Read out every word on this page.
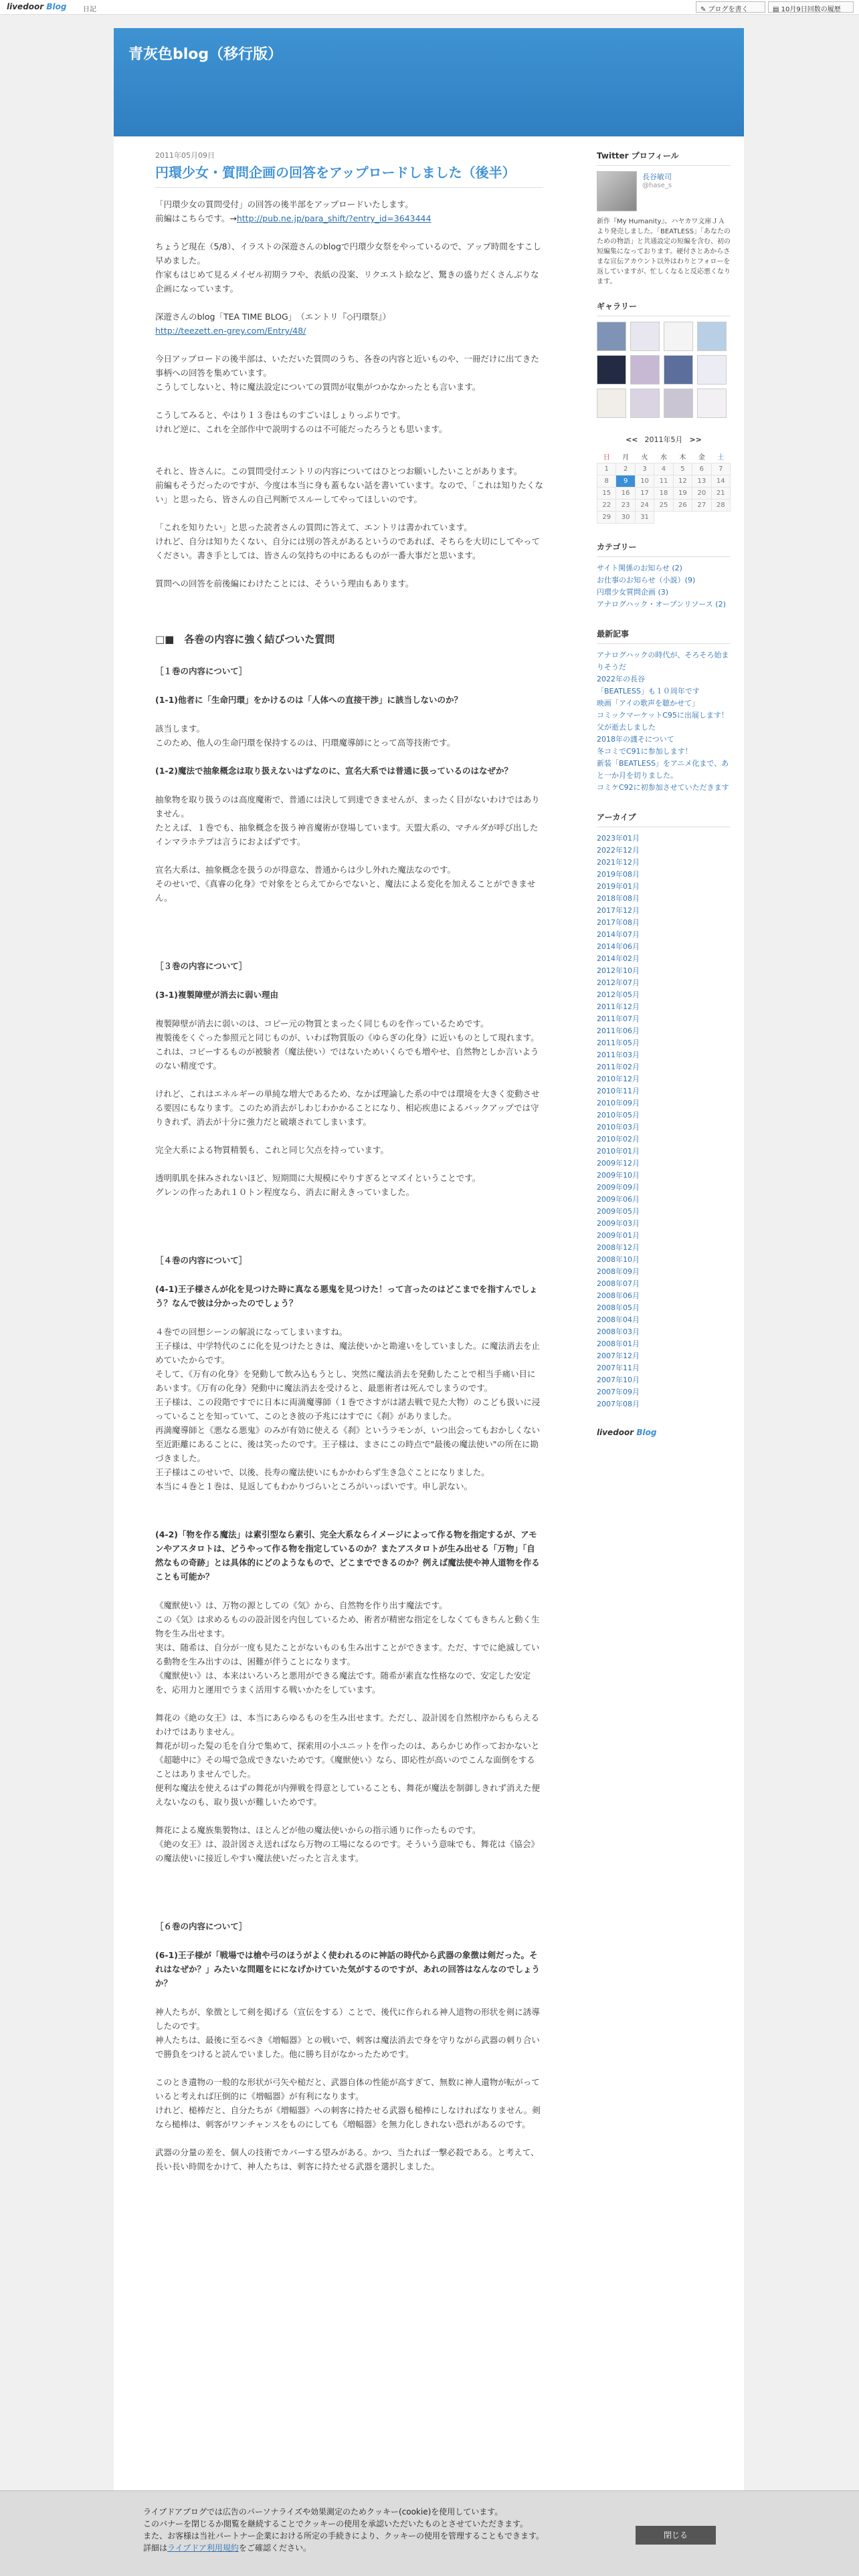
livedoor Blog 日記	✎ ブログを書く	▤ 10月9日回数の履歴
青灰色blog（移行版）
2011年05月09日
円環少女・質問企画の回答をアップロードしました（後半）

「円環少女の質問受付」の回答の後半部をアップロードいたします。
前編はこちらです。→http://pub.ne.jp/para_shift/?entry_id=3643444

ちょうど現在（5/8）、イラストの深遊さんのblogで円環少女祭をやっているので、アップ時間をすこし早めました。
作家もはじめて見るメイゼル初期ラフや、表紙の没案、リクエスト絵など、驚きの盛りだくさんぶりな企画になっています。

深遊さんのblog「TEA TIME BLOG」　（エントリ『◇円環祭』）
http://teezett.en-grey.com/Entry/48/

今日アップロードの後半部は、いただいた質問のうち、各巻の内容と近いものや、一冊だけに出てきた事柄への回答を集めています。
こうしてしないと、特に魔法設定についての質問が収集がつかなかったとも言います。

こうしてみると、やはり１３巻はものすごいほしょりっぷりです。
けれど逆に、これを全部作中で説明するのは不可能だったろうとも思います。

それと、皆さんに。この質問受付エントリの内容についてはひとつお願いしたいことがあります。
前編もそうだったのですが、今度は本当に身も蓋もない話を書いています。なので、「これは知りたくない」と思ったら、皆さんの自己判断でスルーしてやってほしいのです。

「これを知りたい」と思った読者さんの質問に答えて、エントリは書かれています。
けれど、自分は知りたくない、自分には別の答えがあるというのであれば、そちらを大切にしてやってください。書き手としては、皆さんの気持ちの中にあるものが一番大事だと思います。

質問への回答を前後編にわけたことには、そういう理由もあります。

□■　各巻の内容に強く結びついた質問
［１巻の内容について］
(1-1)他者に「生命円環」をかけるのは「人体への直接干渉」に該当しないのか？

該当します。
このため、他人の生命円環を保持するのは、円環魔導師にとって高等技術です。

(1-2)魔法で抽象概念は取り扱えないはずなのに、宣名大系では普通に扱っているのはなぜか？

抽象物を取り扱うのは高度魔術で、普通には決して到達できませんが、まったく目がないわけではありません。
たとえば、１巻でも、抽象概念を扱う神音魔術が登場しています。天盟大系の、マチルダが呼び出したインマラホテプは言うにおよばずです。

宣名大系は、抽象概念を扱うのが得意な、普通からは少し外れた魔法なのです。
そのせいで、《真睿の化身》で対象をとらえてからでないと、魔法による変化を加えることができません。

［３巻の内容について］
(3-1)複製障壁が消去に弱い理由

複製障壁が消去に弱いのは、コピー元の物質とまったく同じものを作っているためです。
複製後をくぐった参照元と同じものが、いわば物質版の《ゆらぎの化身》に近いものとして現れます。これは、コピーするものが被験者（魔法使い）ではないためいくらでも増やせ、自然物としか言いようのない精度です。

けれど、これはエネルギーの単純な増大であるため、なかば理論した系の中では環境を大きく変動させる要因にもなります。このため消去がしわじわかかることになり、相応疾患によるバックアップでは守りきれず、消去が十分に強力だと破壊されてしまいます。

完全大系による物質精製も、これと同じ欠点を持っています。

透明肌肌を抹みされないほど、短期間に大規模にやりすぎるとマズイということです。
グレンの作ったあれ１０トン程度なら、消去に耐えきっていました。

［４巻の内容について］
(4-1)王子様さんが化を見つけた時に真なる悪鬼を見つけた！って言ったのはどこまでを指すんでしょう？なんで彼は分かったのでしょう？

４巻での回想シーンの解説になってしまいますね。
王子様は、中学特代のこに化を見つけたときは、魔法使いかと勘違いをしていました。に魔法消去を止めていたからです。
そして、《万有の化身》を発動して飲み込もうとし、突然に魔法消去を発動したことで相当手痛い目にあいます。《万有の化身》発動中に魔法消去を受けると、最悪術者は死んでしまうのです。
王子様は、この段階ですでに日本に両満魔導師（１巻でさすがは諸去戦で見た大物）のこども扱いに浸っていることを知っていて、このとき彼の予兆にはすでに《刹》がありました。
再満魔導師と《悪なる悪鬼》のみが有効に使える《刹》というラモンが、いつ出会ってもおかしくない至近距離にあることに、後は笑ったのです。王子様は、まさにこの時点で"最後の魔法使い"の所在に勘づきました。
王子様はこのせいで、以後、長寿の魔法使いにもかかわらず生き急ぐことになりました。
本当に４巻と１巻は、見返してもわかりづらいところがいっぱいです。申し訳ない。

(4-2)「物を作る魔法」は素引型なら素引、完全大系ならイメージによって作る物を指定するが、アモンやアスタロトは、どうやって作る物を指定しているのか？またアスタロトが生み出せる「万物」「自然なもの奇跡」とは具体的にどのようなもので、どこまでできるのか？例えば魔法使や神人道物を作ることも可能か？

《魔獣使い》は、万物の源としての《気》から、自然物を作り出す魔法です。
この《気》は求めるものの設計図を内包しているため、術者が精密な指定をしなくてもきちんと動く生物を生み出せます。
実は、随希は、自分が一度も見たことがないものも生み出すことができます。ただ、すでに絶滅している動物を生み出すのは、困難が伴うことになります。
《魔獣使い》は、本来はいろいろと悪用ができる魔法です。随希が素直な性格なので、安定した安定を、応用力と運用でうまく活用する戦いかたをしています。

舞花の《絶の女王》は、本当にあらゆるものを生み出せます。ただし、設計図を自然根序からもらえるわけではありません。
舞花が切った髪の毛を自分で集めて、探索用の小ユニットを作ったのは、あらかじめ作っておかないと《超聴中に》その場で急成できないためです。《魔獣使い》なら、即応性が高いのでこんな面倒をすることはありませんでした。
便利な魔法を使えるはずの舞花が内弾戦を得意としていることも、舞花が魔法を制御しきれず消えた便えないなのも、取り扱いが難しいためです。

舞花による魔族集製物は、ほとんどが他の魔法使いからの指示通りに作ったものです。
《絶の女王》は、設計図さえ送ればなら万物の工場になるのです。そういう意味でも、舞花は《協会》の魔法使いに接近しやすい魔法使いだったと言えます。

［６巻の内容について］
(6-1)王子様が「戦場では槍や弓のほうがよく使われるのに神話の時代から武器の象徴は剣だった。それはなぜか？」みたいな問題をにになげかけていた気がするのですが、あれの回答はなんなのでしょうか？

神人たちが、象徴として剣を掲げる（宣伝をする）ことで、後代に作られる神人道物の形状を剣に誘導したのです。
神人たちは、最後に至るべき《増幅器》との戦いで、刺客は魔法消去で身を守りながら武器の刺り合いで勝負をつけると読んでいました。他に勝ち目がなかったためです。

このとき遺物の一般的な形状が弓矢や槌だと、武器自体の性能が高すぎて、無数に神人遺物が転がっていると考えれば圧倒的に《増幅器》が有利になります。
けれど、槌棒だと、自分たちが《増幅器》への刺客に持たせる武器も槌棒にしなければなりません。剣なら槌棒は、刺客がワンチャンスをものにしても《増幅器》を無力化しきれない恐れがあるのです。

武器の分量の差を、個人の技術でカバーする望みがある。かつ、当たれば一撃必殺である。と考えて、長い長い時間をかけて、神人たちは、刺客に持たせる武器を選択しました。

Twitter プロフィール
長谷敏司
@hase_s
新作『My Humanity』、ハヤカワ文庫ＪＡより発売しました。「BEATLESS」「あなたのための物語」と共通設定の短編を含む、初の短編集になっております。硬付さとあからさまな宣伝アカウント以外はわりとフォローを返していますが、忙しくなると反応悪くなります。
ギャラリー
<< 2011年5月 >>
日	月	火	水	木	金	土
1	2	3	4	5	6	7
8	9	10	11	12	13	14
15	16	17	18	19	20	21
22	23	24	25	26	27	28
29	30	31				
カテゴリー
サイト関係のお知らせ (2)
お仕事のお知らせ（小説）(9)
円環少女質問企画 (3)
アナログハック・オープンリソース (2)
最新記事
アナログハックの時代が、そろそろ始まりそうだ
2022年の長谷
「BEATLESS」も１０周年です
映画「アイの歌声を聴かせて」
コミックマーケットC95に出展します！
父が逝去しました
2018年の謹そについて
冬コミでC91に参加します！
新装「BEATLESS」をアニメ化まで、あと一か月を切りました。
コミケC92に初参加させていただきます
アーカイブ
2023年01月
2022年12月
2021年12月
2019年08月
2019年01月
2018年08月
2017年12月
2017年08月
2014年07月
2014年06月
2014年02月
2012年10月
2012年07月
2012年05月
2011年12月
2011年07月
2011年06月
2011年05月
2011年03月
2011年02月
2010年12月
2010年11月
2010年09月
2010年05月
2010年03月
2010年02月
2010年01月
2009年12月
2009年10月
2009年09月
2009年06月
2009年05月
2009年03月
2009年01月
2008年12月
2008年10月
2008年09月
2008年07月
2008年06月
2008年05月
2008年04月
2008年03月
2008年01月
2007年12月
2007年11月
2007年10月
2007年09月
2007年08月
livedoor Blog
ライブドアブログでは広告のパーソナライズや効果測定のためクッキー(cookie)を使用しています。
このバナーを閉じるか閲覧を継続することでクッキーの使用を承認いただいたものとさせていただきます。
また、お客様は当社パートナー企業における所定の手続きにより、クッキーの使用を管理することもできます。
詳細はライブドア利用規約をご確認ください。
閉じる
